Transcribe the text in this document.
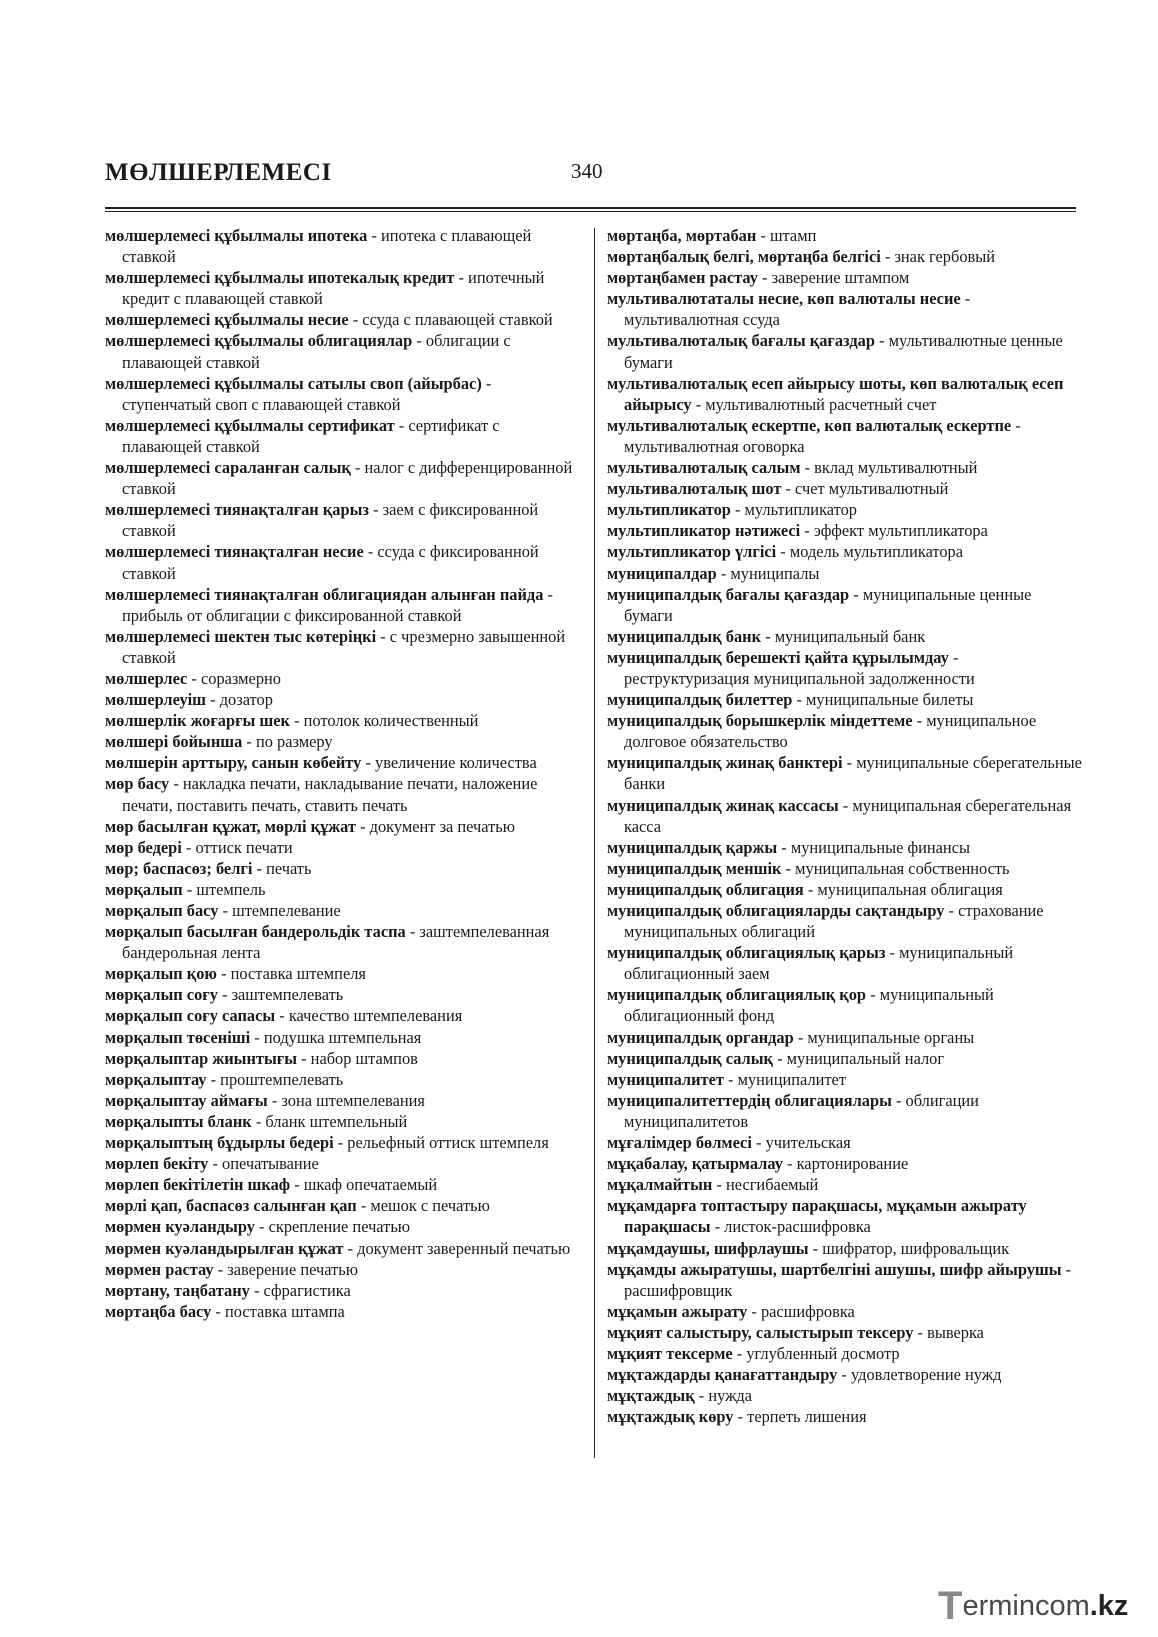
МӨЛШЕРЛЕМЕСІ	340

мөлшерлемесі құбылмалы ипотека - ипотека с плавающей ставкой

мөлшерлемесі құбылмалы ипотекалық кредит - ипотечный кредит с плавающей ставкой

мөлшерлемесі құбылмалы несие - ссуда с плавающей ставкой

мөлшерлемесі құбылмалы облигациялар - облигации с плавающей ставкой

мөлшерлемесі құбылмалы сатылы своп (айырбас) - ступенчатый своп с плавающей ставкой

мөлшерлемесі құбылмалы сертификат - сертификат с плавающей ставкой

мөлшерлемесі сараланған салық - налог с дифференцированной ставкой

мөлшерлемесі тиянақталған қарыз - заем с фиксированной ставкой

мөлшерлемесі тиянақталған несие - ссуда с фиксированной ставкой

мөлшерлемесі тиянақталған облигациядан алынған пайда - прибыль от облигации с фиксированной ставкой

мөлшерлемесі шектен тыс көтеріңкі - с чрезмерно завышенной ставкой

мөлшерлес - соразмерно

мөлшерлеуіш - дозатор

мөлшерлік жоғарғы шек - потолок количественный

мөлшері бойынша - по размеру

мөлшерін арттыру, санын көбейту - увеличение количества

мөр басу - накладка печати, накладывание печати, наложение печати, поставить печать, ставить печать

мөр басылған құжат, мөрлі құжат - документ за печатью

мөр бедері - оттиск печати

мөр; баспасөз; белгі - печать

мөрқалып - штемпель

мөрқалып басу - штемпелевание

мөрқалып басылған бандерольдік таспа - заштемпелеванная бандерольная лента

мөрқалып қою - поставка штемпеля

мөрқалып соғу - заштемпелевать

мөрқалып соғу сапасы - качество штемпелевания

мөрқалып төсеніші - подушка штемпельная

мөрқалыптар жиынтығы - набор штампов

мөрқалыптау - проштемпелевать

мөрқалыптау аймағы - зона штемпелевания

мөрқалыпты бланк - бланк штемпельный

мөрқалыптың бұдырлы бедері - рельефный оттиск штемпеля

мөрлеп бекіту - опечатывание

мөрлеп бекітілетін шкаф - шкаф опечатаемый

мөрлі қап, баспасөз салынған қап - мешок с печатью

мөрмен куәландыру - скрепление печатью

мөрмен куәландырылған құжат - документ заверенный печатью

мөрмен растау - заверение печатью

мөртану, таңбатану - сфрагистика

мөртаңба басу - поставка штампа

мөртаңба, мөртабан - штамп

мөртаңбалық белгі, мөртаңба белгісі - знак гербовый

мөртаңбамен растау - заверение штампом

мультивалютаталы несие, көп валюталы несие - мультивалютная ссуда

мультивалюталық бағалы қағаздар - мультивалютные ценные бумаги

мультивалюталық есеп айырысу шоты, көп валюталық есеп айырысу - мультивалютный расчетный счет

мультивалюталық ескертпе, көп валюталық ескертпе - мультивалютная оговорка

мультивалюталық салым - вклад мультивалютный

мультивалюталық шот - счет мультивалютный

мультипликатор - мультипликатор

мультипликатор нәтижесі - эффект мультипликатора

мультипликатор үлгісі - модель мультипликатора

муниципалдар - муниципалы

муниципалдық бағалы қағаздар - муниципальные ценные бумаги

муниципалдық банк - муниципальный банк

муниципалдық берешекті қайта құрылымдау - реструктуризация муниципальной задолженности

муниципалдық билеттер - муниципальные билеты

муниципалдық борышкерлік міндеттеме - муниципальное долговое обязательство

муниципалдық жинақ банктері - муниципальные сберегательные банки

муниципалдық жинақ кассасы - муниципальная сберегательная касса

муниципалдық қаржы - муниципальные финансы

муниципалдық меншік - муниципальная собственность

муниципалдық облигация - муниципальная облигация

муниципалдық облигацияларды сақтандыру - страхование муниципальных облигаций

муниципалдық облигациялық қарыз - муниципальный облигационный заем

муниципалдық облигациялық қор - муниципальный облигационный фонд

муниципалдық органдар - муниципальные органы

муниципалдық салық - муниципальный налог

муниципалитет - муниципалитет

муниципалитеттердің облигациялары - облигации муниципалитетов

мұғалімдер бөлмесі - учительская

мұқабалау, қатырмалау - картонирование

мұқалмайтын - несгибаемый

мұқамдарға топтастыру парақшасы, мұқамын ажырату парақшасы - листок-расшифровка

мұқамдаушы, шифрлаушы - шифратор, шифровальщик

мұқамды ажыратушы, шартбелгіні ашушы, шифр айырушы - расшифровщик

мұқамын ажырату - расшифровка

мұқият салыстыру, салыстырып тексеру - выверка

мұқият тексерме - углубленный досмотр

мұқтаждарды қанағаттандыру - удовлетворение нужд

мұқтаждық - нужда

мұқтаждық көру - терпеть лишения

Termincom.kz
